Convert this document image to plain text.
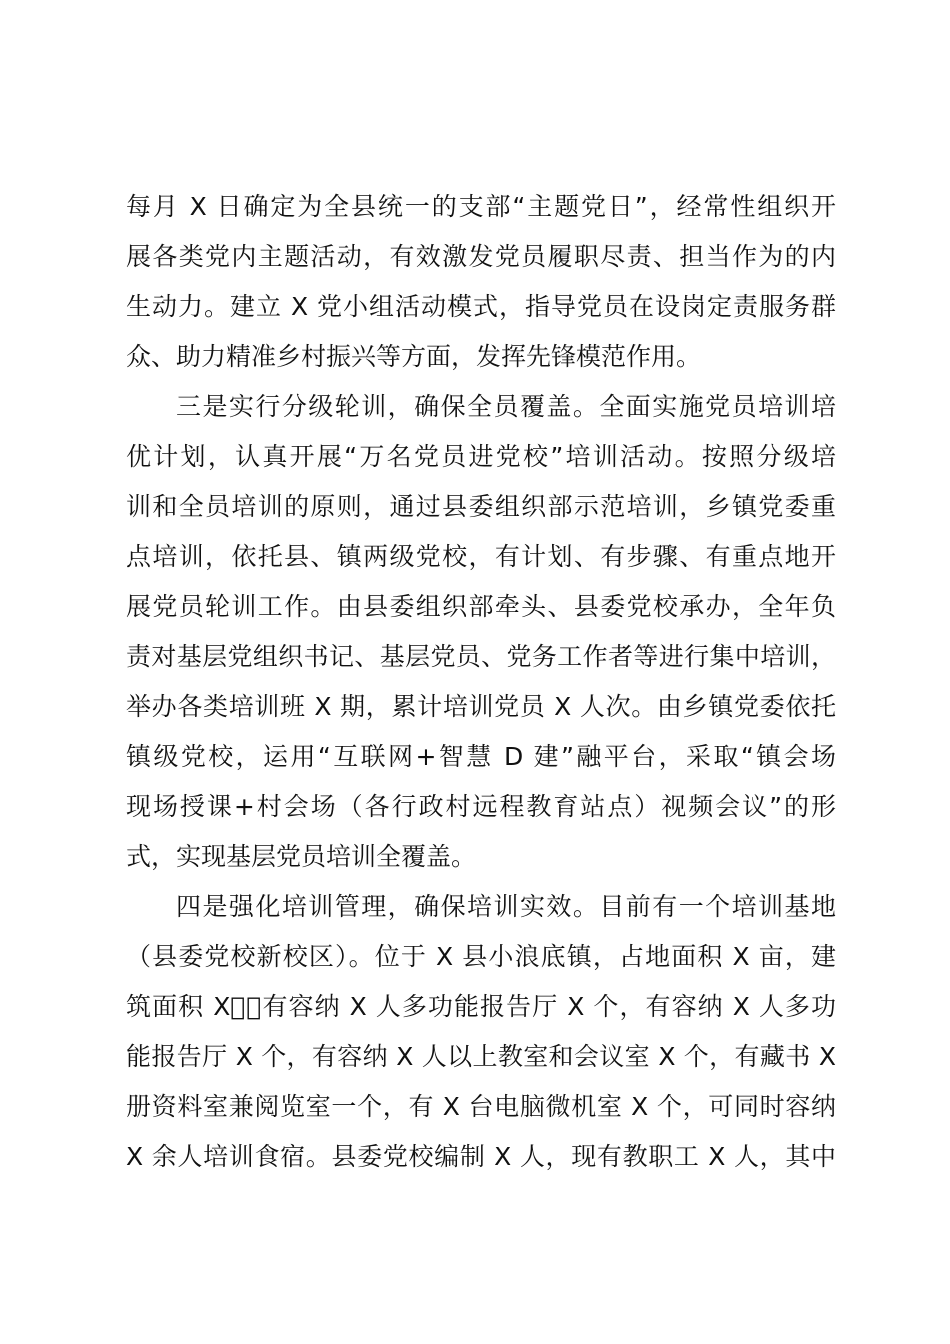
每月 X 日确定为全县统一的支部“主题党日”，经常性组织开
展各类党内主题活动，有效激发党员履职尽责、担当作为的内
生动力。建立 X 党小组活动模式，指导党员在设岗定责服务群
众、助力精准乡村振兴等方面，发挥先锋模范作用。
三是实行分级轮训，确保全员覆盖。全面实施党员培训培
优计划，认真开展“万名党员进党校”培训活动。按照分级培
训和全员培训的原则，通过县委组织部示范培训，乡镇党委重
点培训，依托县、镇两级党校，有计划、有步骤、有重点地开
展党员轮训工作。由县委组织部牵头、县委党校承办，全年负
责对基层党组织书记、基层党员、党务工作者等进行集中培训，
举办各类培训班 X 期，累计培训党员 X 人次。由乡镇党委依托
镇级党校，运用“互联网+智慧 D 建”融平台，采取“镇会场
现场授课+村会场（各行政村远程教育站点）视频会议”的形
式，实现基层党员培训全覆盖。
四是强化培训管理，确保培训实效。目前有一个培训基地
（县委党校新校区）。位于 X 县小浪底镇，占地面积 X 亩，建
筑面积 X􏿾，有容纳 X 人多功能报告厅 X 个，有容纳 X 人多功
能报告厅 X 个，有容纳 X 人以上教室和会议室 X 个，有藏书 X
册资料室兼阅览室一个，有 X 台电脑微机室 X 个，可同时容纳
X 余人培训食宿。县委党校编制 X 人，现有教职工 X 人，其中
